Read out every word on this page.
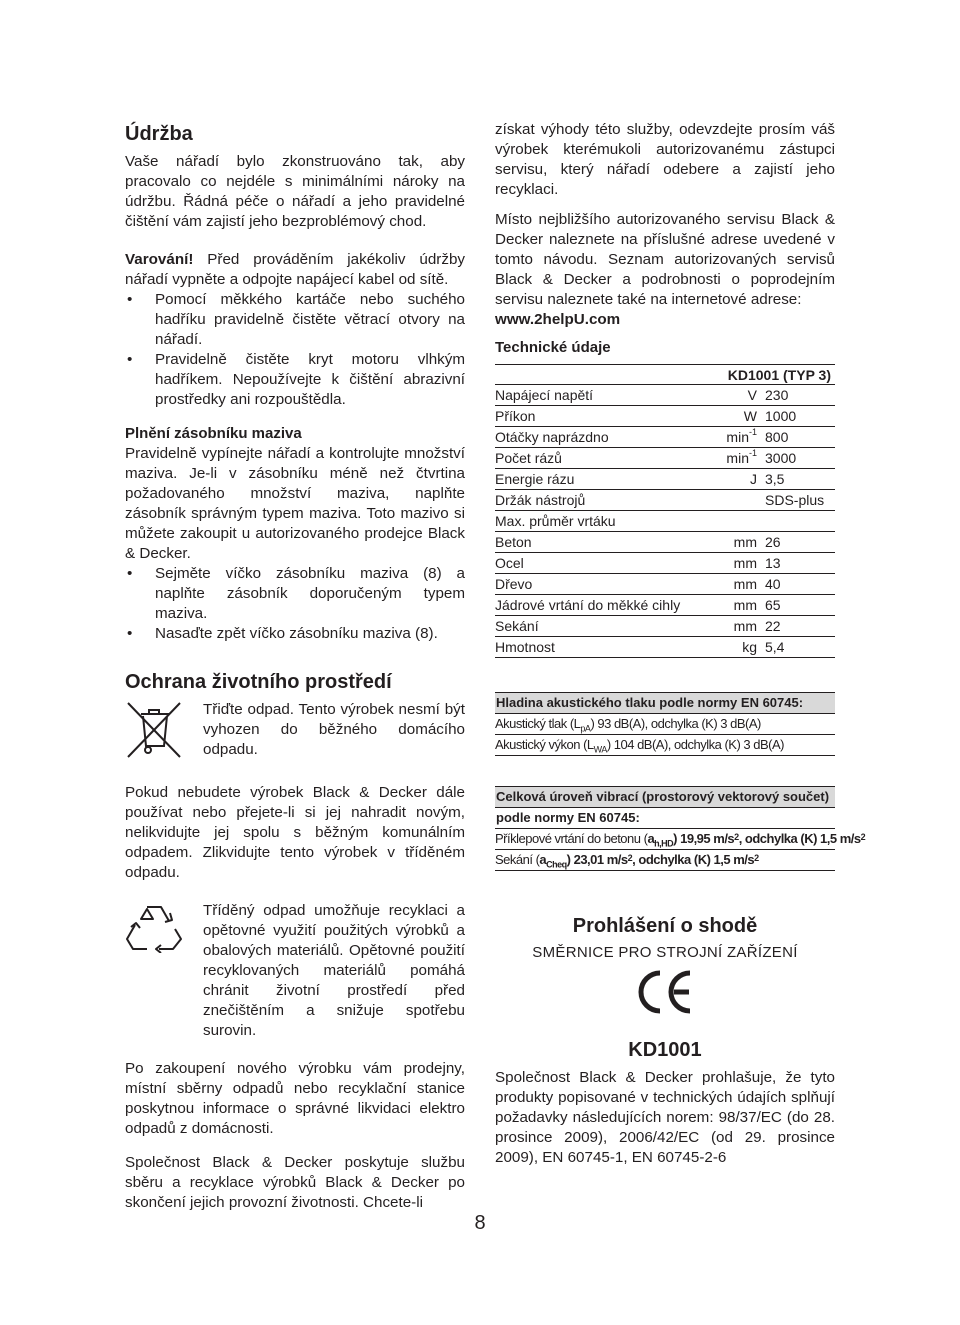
Údržba

Vaše nářadí bylo zkonstruováno tak, aby pracovalo co nejdéle s minimálními nároky na údržbu. Řádná péče o nářadí a jeho pravidelné čištění vám zajistí jeho bezproblémový chod.

Varování! Před prováděním jakékoliv údržby nářadí vypněte a odpojte napájecí kabel od sítě.

• Pomocí měkkého kartáče nebo suchého hadříku pravidelně čistěte větrací otvory na nářadí.
• Pravidelně čistěte kryt motoru vlhkým hadříkem. Nepoužívejte k čištění abrazivní prostředky ani rozpouštědla.
Plnění zásobníku maziva

Pravidelně vypínejte nářadí a kontrolujte množství maziva. Je-li v zásobníku méně než čtvrtina požadovaného množství maziva, naplňte zásobník správným typem maziva. Toto mazivo si můžete zakoupit u autorizovaného prodejce Black & Decker.

• Sejměte víčko zásobníku maziva (8) a naplňte zásobník doporučeným typem maziva.
• Nasaďte zpět víčko zásobníku maziva (8).
Ochrana životního prostředí

Třiďte odpad. Tento výrobek nesmí být vyhozen do běžného domácího odpadu.

Pokud nebudete výrobek Black & Decker dále používat nebo přejete-li si jej nahradit novým, nelikvidujte jej spolu s běžným komunálním odpadem. Zlikvidujte tento výrobek v tříděném odpadu.

Tříděný odpad umožňuje recyklaci a opětovné využití použitých výrobků a obalových materiálů. Opětovné použití recyklovaných materiálů pomáhá chránit životní prostředí před znečištěním a snižuje spotřebu surovin.

Po zakoupení nového výrobku vám prodejny, místní sběrny odpadů nebo recyklační stanice poskytnou informace o správné likvidaci elektro odpadů z domácnosti.

Společnost Black & Decker poskytuje službu sběru a recyklace výrobků Black & Decker po skončení jejich provozní životnosti. Chcete-li

získat výhody této služby, odevzdejte prosím váš výrobek kterémukoli autorizovanému zástupci servisu, který nářadí odebere a zajistí jeho recyklaci.

Místo nejbližšího autorizovaného servisu Black & Decker naleznete na příslušné adrese uvedené v tomto návodu. Seznam autorizovaných servisů Black & Decker a podrobnosti o poprodejním servisu naleznete také na internetové adrese:

www.2helpU.com

Technické údaje
KD1001 (TYP 3)		
Napájecí napětí	V	230
Příkon	W	1000
Otáčky naprázdno	$\min^{-1}$	800
Počet rázů	$\min^{-1}$	3000
Energie rázu	J	3,5
Držák nástrojů		SDS-plus
Max. průměr vrtáku		
Beton	mm	26
Ocel	mm	13
Dřevo	mm	40
Jádrové vrtání do měkké cihly	mm	65
Sekání	mm	22
Hmotnost	kg	5,4
Hladina akustického tlaku podle normy EN 60745:
Akustický tlak $(L_{pA})$ 93 dB(A), odchylka (K) 3 dB(A)
Akustický výkon $(L_{WA})$ 104 dB(A), odchylka (K) 3 dB(A)
Celková úroveň vibrací (prostorový vektorový součet)
podle normy EN 60745:
Příklepové vrtání do betonu $(a_{h,HD})$ 19,95 $m/s^2$, odchylka (K) 1,5 $m/s^2$
Sekání $(a_{Cheq})$ 23,01 $m/s^2$, odchylka (K) 1,5 $m/s^2$
Prohlášení o shodě
SMĚRNICE PRO STROJNÍ ZAŘÍZENÍ
KD1001

Společnost Black & Decker prohlašuje, že tyto produkty popisované v technických údajích splňují požadavky následujících norem: 98/37/EC (do 28. prosince 2009), 2006/42/EC (od 29. prosince 2009), EN 60745-1, EN 60745-2-6

8
